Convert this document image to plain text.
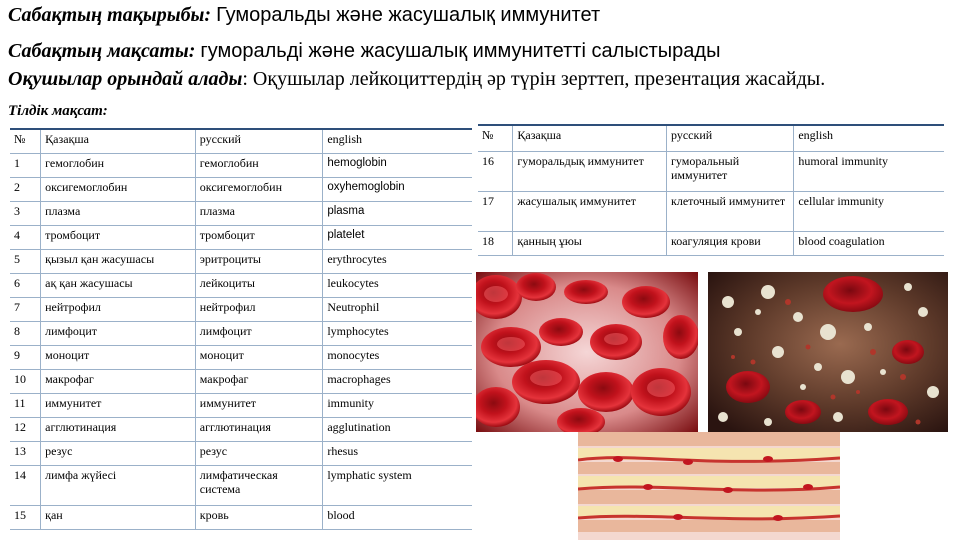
Сабақтың тақырыбы: Гуморальды және жасушалық иммунитет
Сабақтың мақсаты: гуморальді және жасушалық иммунитетті салыстырады
Оқушылар орындай алады: Оқушылар лейкоциттердің әр түрін зерттеп, презентация жасайды.
Тілдік мақсат:
№	Қазақша	русский	english
1	гемоглобин	гемоглобин	hemoglobin
2	оксигемоглобин	оксигемоглобин	oxyhemoglobin
3	плазма	плазма	plasma
4	тромбоцит	тромбоцит	platelet
5	қызыл қан жасушасы	эритроциты	erythrocytes
6	ақ қан жасушасы	лейкоциты	leukocytes
7	нейтрофил	нейтрофил	Neutrophil
8	лимфоцит	лимфоцит	lymphocytes
9	моноцит	моноцит	monocytes
10	макрофаг	макрофаг	macrophages
11	иммунитет	иммунитет	immunity
12	агглютинация	агглютинация	agglutination
13	резус	резус	rhesus
14	лимфа жүйесі	лимфатическая система	lymphatic system
15	қан	кровь	blood
№	Қазақша	русский	english
16	гуморальдық иммунитет	гуморальный иммунитет	humoral immunity
17	жасушалық иммунитет	клеточный иммунитет	cellular immunity
18	қанның ұюы	коагуляция крови	blood coagulation
